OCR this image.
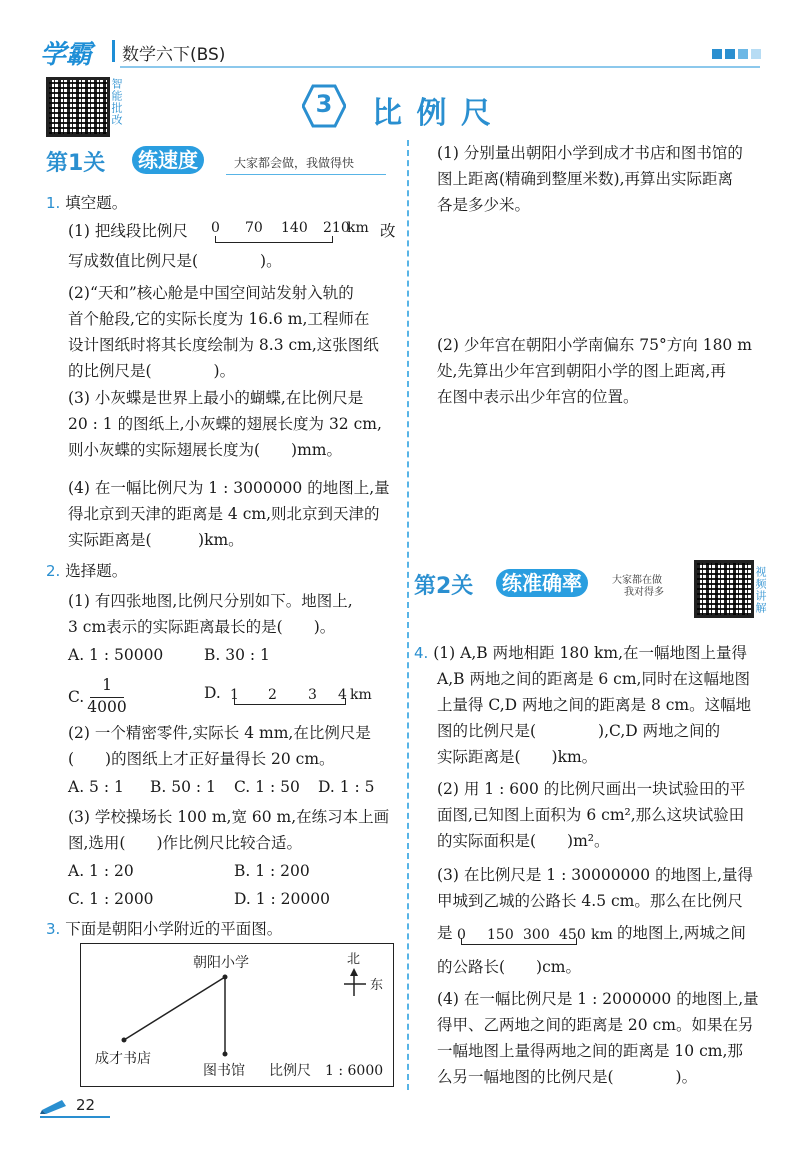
学霸	数学六下(BS)
智能批改	3	比 例 尺
第1关	练速度	大家都会做，我做得快
1. 填空题。
(1) 把线段比例尺	0 70 140 210
km 改
写成数值比例尺是(　　　　)。
(2)“天和”核心舱是中国空间站发射入轨的
首个舱段,它的实际长度为 16.6 m,工程师在
设计图纸时将其长度绘制为 8.3 cm,这张图纸
的比例尺是(　　　　)。
(3) 小灰蝶是世界上最小的蝴蝶,在比例尺是
20 : 1 的图纸上,小灰蝶的翅展长度为 32 cm,
则小灰蝶的实际翅展长度为(　　)mm。
(4) 在一幅比例尺为 1 : 3000000 的地图上,量
得北京到天津的距离是 4 cm,则北京到天津的
实际距离是(　　　)km。
2. 选择题。
(1) 有四张地图,比例尺分别如下。地图上,
3 cm表示的实际距离最长的是(　　)。
A. 1 : 50000	B. 30 : 1
C.
1
4000
D. 1 2 3 4 km
(2) 一个精密零件,实际长 4 mm,在比例尺是
(　　)的图纸上才正好量得长 20 cm。
A. 5 : 1 B. 50 : 1 C. 1 : 50 D. 1 : 5
(3) 学校操场长 100 m,宽 60 m,在练习本上画
图,选用(　　)作比例尺比较合适。
A. 1 : 20	B. 1 : 200
C. 1 : 2000	D. 1 : 20000
3. 下面是朝阳小学附近的平面图。
朝阳小学
成才书店
图书馆
北
东
比例尺　1 : 6000
(1) 分别量出朝阳小学到成才书店和图书馆的
图上距离(精确到整厘米数),再算出实际距离
各是多少米。
(2) 少年宫在朝阳小学南偏东 75°方向 180 m
处,先算出少年宫到朝阳小学的图上距离,再
在图中表示出少年宫的位置。
第2关	练准确率	大家都在做
我对得多	视频讲解
4. (1) A,B 两地相距 180 km,在一幅地图上量得
A,B 两地之间的距离是 6 cm,同时在这幅地图
上量得 C,D 两地之间的距离是 8 cm。这幅地
图的比例尺是(　　　　),C,D 两地之间的
实际距离是(　　)km。
(2) 用 1 : 600 的比例尺画出一块试验田的平
面图,已知图上面积为 6 cm²,那么这块试验田
的实际面积是(　　)m²。
(3) 在比例尺是 1 : 30000000 的地图上,量得
甲城到乙城的公路长 4.5 cm。那么在比例尺
是 0 150 300 450 km 的地图上,两城之间
的公路长(　　)cm。
(4) 在一幅比例尺是 1 : 2000000 的地图上,量
得甲、乙两地之间的距离是 20 cm。如果在另
一幅地图上量得两地之间的距离是 10 cm,那
么另一幅地图的比例尺是(　　　　)。
22
